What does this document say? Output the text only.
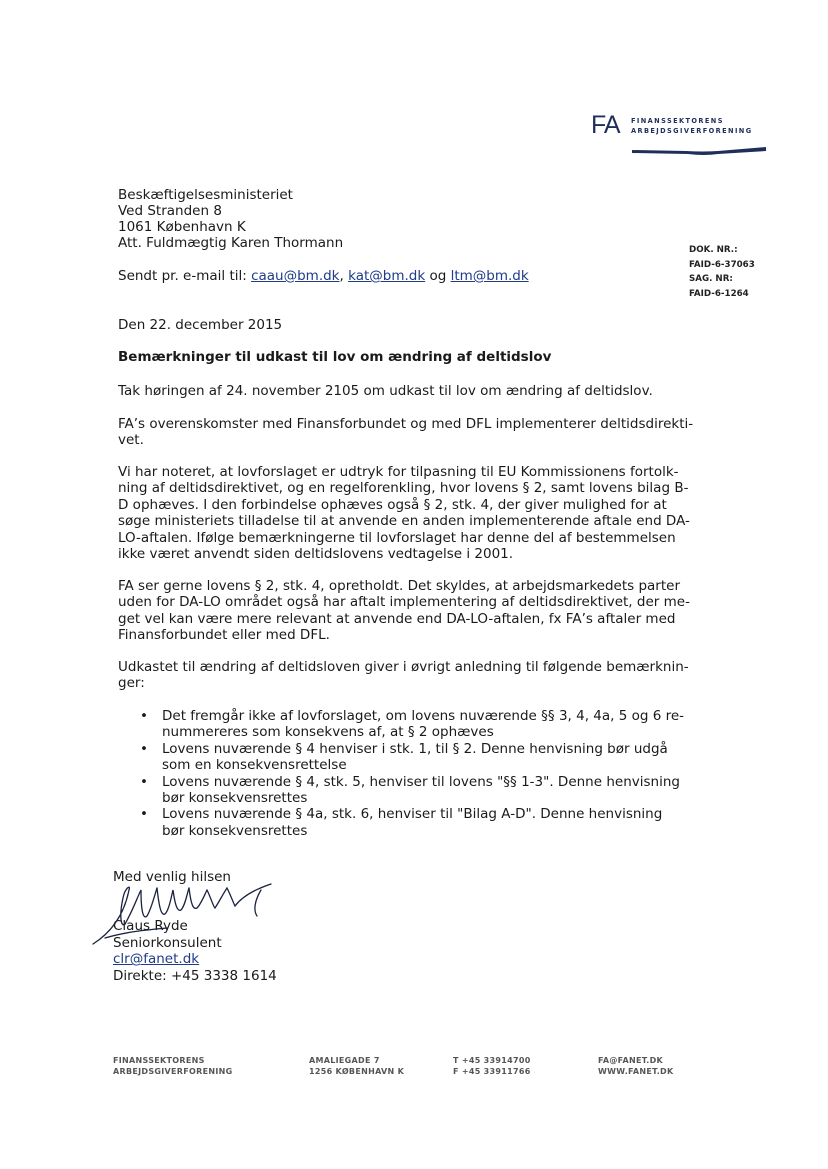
FA FINANSSEKTORENS
ARBEJDSGIVERFORENING
Beskæftigelsesministeriet
Ved Stranden 8
1061 København K
Att. Fuldmægtig Karen Thormann	DOK. NR.:
FAID-6-37063
SAG. NR:
FAID-6-1264
Sendt pr. e-mail til: caau@bm.dk, kat@bm.dk og ltm@bm.dk
Den 22. december 2015
Bemærkninger til udkast til lov om ændring af deltidslov
Tak høringen af 24. november 2105 om udkast til lov om ændring af deltidslov.
FA’s overenskomster med Finansforbundet og med DFL implementerer deltidsdirekti-
vet.
Vi har noteret, at lovforslaget er udtryk for tilpasning til EU Kommissionens fortolk-
ning af deltidsdirektivet, og en regelforenkling, hvor lovens § 2, samt lovens bilag B-
D ophæves. I den forbindelse ophæves også § 2, stk. 4, der giver mulighed for at
søge ministeriets tilladelse til at anvende en anden implementerende aftale end DA-
LO-aftalen. Ifølge bemærkningerne til lovforslaget har denne del af bestemmelsen
ikke været anvendt siden deltidslovens vedtagelse i 2001.
FA ser gerne lovens § 2, stk. 4, opretholdt. Det skyldes, at arbejdsmarkedets parter
uden for DA-LO området også har aftalt implementering af deltidsdirektivet, der me-
get vel kan være mere relevant at anvende end DA-LO-aftalen, fx FA’s aftaler med
Finansforbundet eller med DFL.
Udkastet til ændring af deltidsloven giver i øvrigt anledning til følgende bemærknin-
ger:
• Det fremgår ikke af lovforslaget, om lovens nuværende §§ 3, 4, 4a, 5 og 6 re-
nummereres som konsekvens af, at § 2 ophæves
• Lovens nuværende § 4 henviser i stk. 1, til § 2. Denne henvisning bør udgå
som en konsekvensrettelse
• Lovens nuværende § 4, stk. 5, henviser til lovens "§§ 1-3". Denne henvisning
bør konsekvensrettes
• Lovens nuværende § 4a, stk. 6, henviser til "Bilag A-D". Denne henvisning
bør konsekvensrettes
Med venlig hilsen
Claus Ryde
Seniorkonsulent
clr@fanet.dk
Direkte: +45 3338 1614
FINANSSEKTORENS
ARBEJDSGIVERFORENING
AMALIEGADE 7
1256 KØBENHAVN K
T +45 33914700
F +45 33911766
FA@FANET.DK
WWW.FANET.DK
